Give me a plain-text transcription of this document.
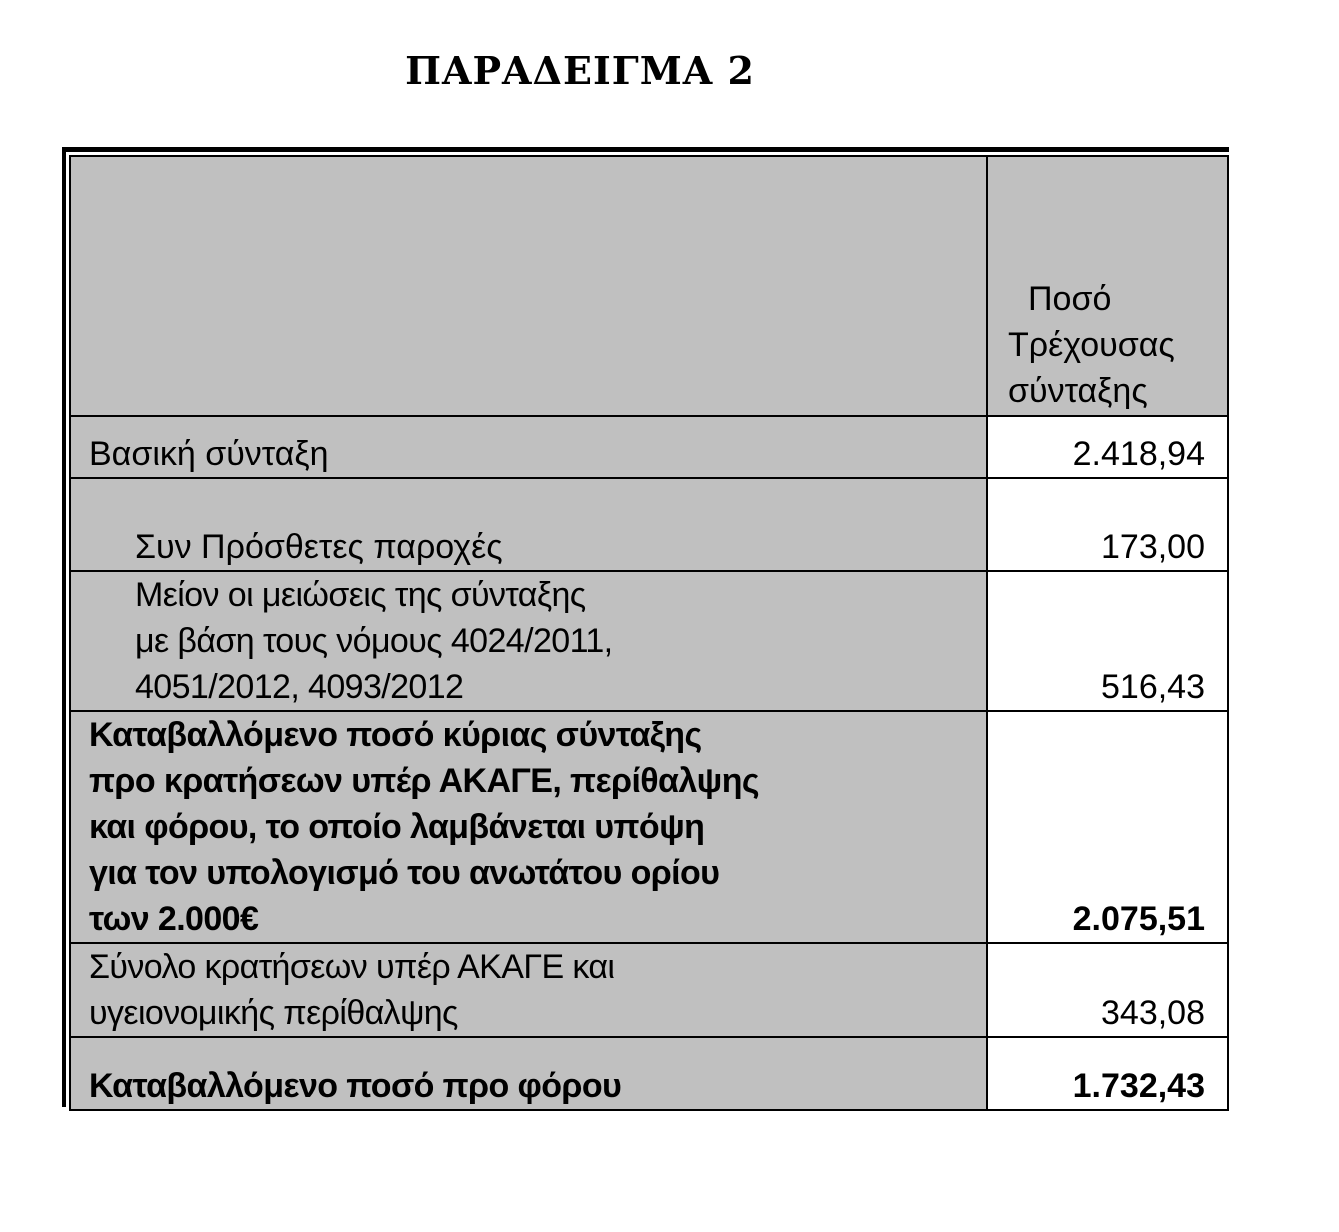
ΠΑΡΑΔΕΙΓΜΑ 2

	Ποσό
Τρέχουσας
σύνταξης

Βασική σύνταξη	2.418,94

Συν Πρόσθετες παροχές	173,00

Μείον οι μειώσεις της σύνταξης
με βάση τους νόμους 4024/2011,
4051/2012, 4093/2012	516,43

Καταβαλλόμενο ποσό κύριας σύνταξης
προ κρατήσεων υπέρ ΑΚΑΓΕ, περίθαλψης
και φόρου, το οποίο λαμβάνεται υπόψη
για τον υπολογισμό του ανωτάτου ορίου
των 2.000€	2.075,51

Σύνολο κρατήσεων υπέρ ΑΚΑΓΕ και
υγειονομικής περίθαλψης	343,08

Καταβαλλόμενο ποσό προ φόρου	1.732,43
